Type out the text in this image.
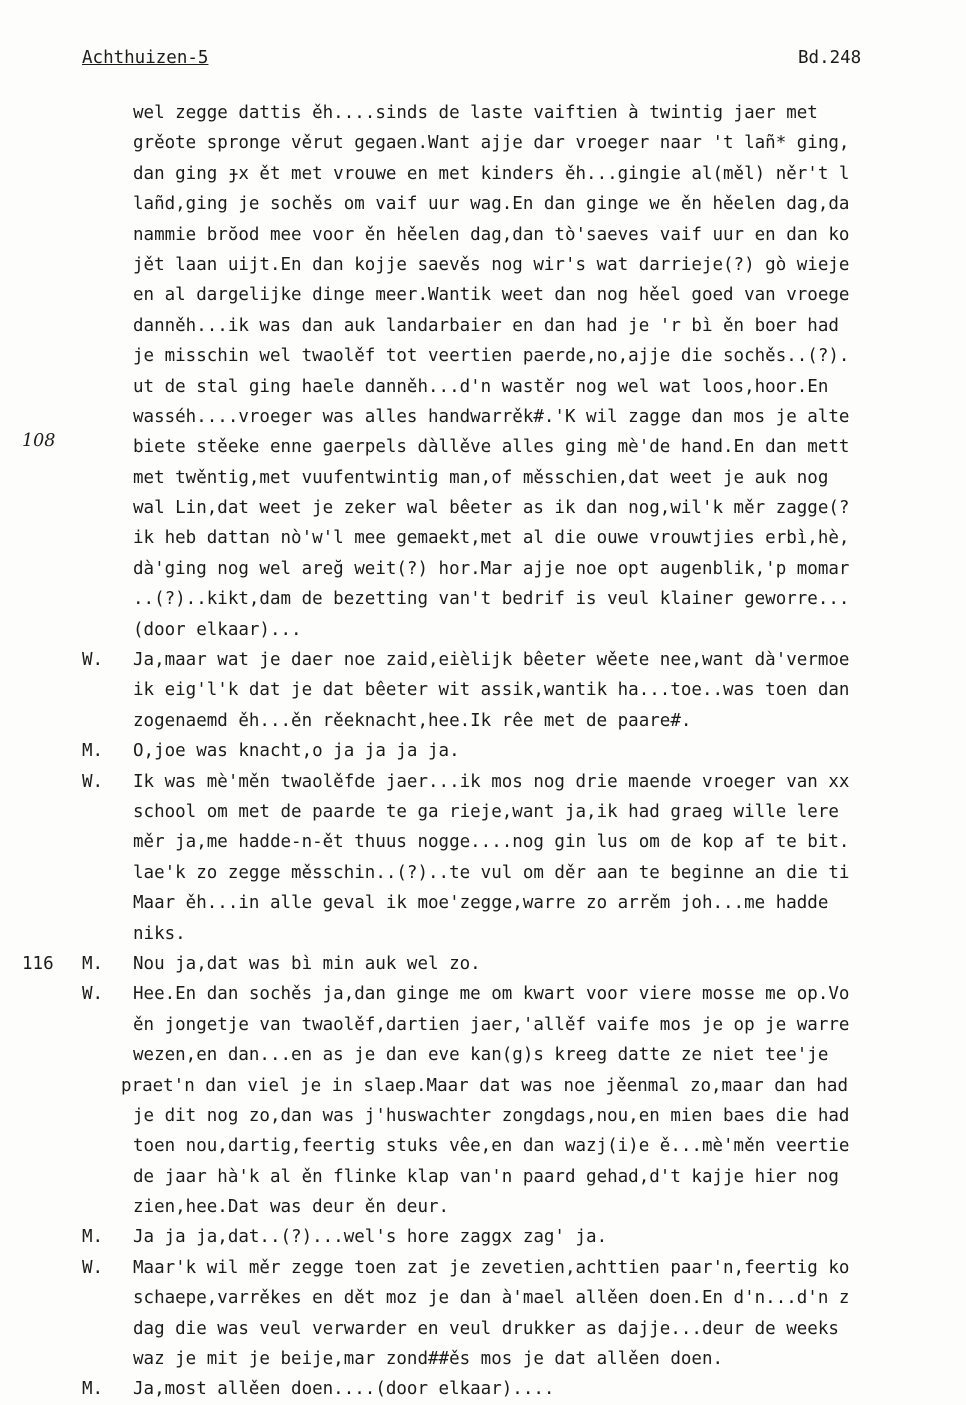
Achthuizen-5	Bd.248
wel zegge dattis ěh....sinds de laste vaiftien à twintig jaer met
grěote spronge věrut gegaen.Want ajje dar vroeger naar 't lañ* ging,
dan ging ɟx ět met vrouwe en met kinders ěh...gingie al(měl) něr't l
lañd,ging je sochěs om vaif uur wag.En dan ginge we ěn hěelen dag,da
nammie brŏod mee voor ěn hěelen dag,dan tò'saeves vaif uur en dan ko
jět laan uijt.En dan kojje saevěs nog wir's wat darrieje(?) gò wieje
en al dargelijke dinge meer.Wantik weet dan nog hěel goed van vroege
danněh...ik was dan auk landarbaier en dan had je 'r bì ěn boer had
je misschin wel twaolěf tot veertien paerde,no,ajje die sochěs..(?).
ut de stal ging haele danněh...d'n wastěr nog wel wat loos,hoor.En
wasséh....vroeger was alles handwarrěk#.'K wil zagge dan mos je alte
108	biete stěeke enne gaerpels dàllěve alles ging mè'de hand.En dan mett
met twěntig,met vuufentwintig man,of měsschien,dat weet je auk nog
wal Lin,dat weet je zeker wal bêeter as ik dan nog,wil'k měr zagge(?
ik heb dattan nò'w'l mee gemaekt,met al die ouwe vrouwtjies erbì,hè,
dà'ging nog wel areğ weit(?) hor.Mar ajje noe opt augenblik,'p momar
..(?)..kikt,dam de bezetting van't bedrif is veul klainer geworre...
(door elkaar)...
W. Ja,maar wat je daer noe zaid,eièlijk bêeter wěete nee,want dà'vermoe
ik eig'l'k dat je dat bêeter wit assik,wantik ha...toe..was toen dan
zogenaemd ěh...ěn rěeknacht,hee.Ik rêe met de paare#.
M. O,joe was knacht,o ja ja ja ja.
W. Ik was mè'měn twaolěfde jaer...ik mos nog drie maende vroeger van xx
school om met de paarde te ga rieje,want ja,ik had graeg wille lere
měr ja,me hadde-n-ět thuus nogge....nog gin lus om de kop af te bit.
lae'k zo zegge měsschin..(?)..te vul om děr aan te beginne an die ti
Maar ěh...in alle geval ik moe'zegge,warre zo arrěm joh...me hadde
niks.
116 M. Nou ja,dat was bì min auk wel zo.
W. Hee.En dan sochěs ja,dan ginge me om kwart voor viere mosse me op.Vo
ěn jongetje van twaolěf,dartien jaer,'allěf vaife mos je op je warre
wezen,en dan...en as je dan eve kan(g)s kreeg datte ze niet tee'je
praet'n dan viel je in slaep.Maar dat was noe jěenmal zo,maar dan had
je dit nog zo,dan was j'huswachter zongdags,nou,en mien baes die had
toen nou,dartig,feertig stuks vêe,en dan wazj(i)e ě...mè'měn veertie
de jaar hà'k al ěn flinke klap van'n paard gehad,d't kajje hier nog
zien,hee.Dat was deur ěn deur.
M. Ja ja ja,dat..(?)...wel's hore zaggx zag' ja.
W. Maar'k wil měr zegge toen zat je zevetien,achttien paar'n,feertig ko
schaepe,varrěkes en dět moz je dan à'mael allěen doen.En d'n...d'n z
dag die was veul verwarder en veul drukker as dajje...deur de weeks
waz je mit je beije,mar zond##ěs mos je dat allěen doen.
M. Ja,most allěen doen....(door elkaar)....
